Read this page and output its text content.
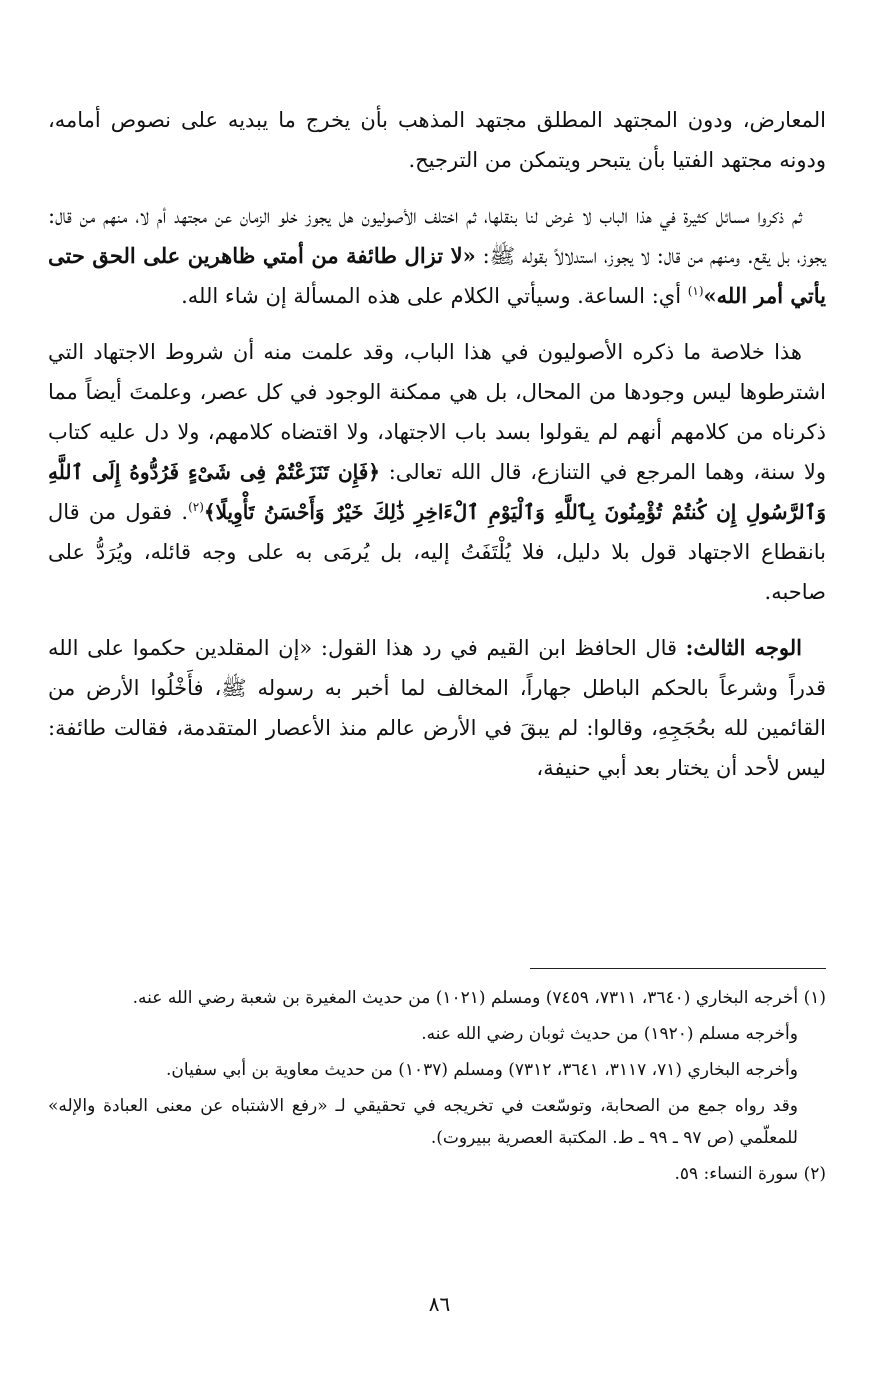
المعارض، ودون المجتهد المطلق مجتهد المذهب بأن يخرج ما يبديه على نصوص أمامه، ودونه مجتهد الفتيا بأن يتبحر ويتمكن من الترجيح.

ثم ذكروا مسائل كثيرة في هذا الباب لا غرض لنا بنقلها، ثم اختلف الأصوليون هل يجوز خلو الزمان عن مجتهد أم لا، منهم من قال: يجوز، بل يقع. ومنهم من قال: لا يجوز، استدلالاً بقوله ﷺ: «لا تزال طائفة من أمتي ظاهرين على الحق حتى يأتي أمر الله»$^{(١)}$ أي: الساعة. وسيأتي الكلام على هذه المسألة إن شاء الله.

هذا خلاصة ما ذكره الأصوليون في هذا الباب، وقد علمت منه أن شروط الاجتهاد التي اشترطوها ليس وجودها من المحال، بل هي ممكنة الوجود في كل عصر، وعلمتَ أيضاً مما ذكرناه من كلامهم أنهم لم يقولوا بسد باب الاجتهاد، ولا اقتضاه كلامهم، ولا دل عليه كتاب ولا سنة، وهما المرجع في التنازع، قال الله تعالى: ﴿فَإِن تَنَزَعْتُمْ فِى شَىْءٍ فَرُدُّوهُ إِلَى ٱللَّهِ وَٱلرَّسُولِ إِن كُنتُمْ تُؤْمِنُونَ بِٱللَّهِ وَٱلْيَوْمِ ٱلْءَاخِرِ ذَٰلِكَ خَيْرٌ وَأَحْسَنُ تَأْوِيلًا﴾$^{(٢)}$. فقول من قال بانقطاع الاجتهاد قول بلا دليل، فلا يُلْتَفَتُ إليه، بل يُرمَى به على وجه قائله، ويُرَدُّ على صاحبه.

الوجه الثالث: قال الحافظ ابن القيم في رد هذا القول: «إن المقلدين حكموا على الله قدراً وشرعاً بالحكم الباطل جهاراً، المخالف لما أخبر به رسوله ﷺ، فأَخْلُوا الأرض من القائمين لله بحُجَجِهِ، وقالوا: لم يبقَ في الأرض عالم منذ الأعصار المتقدمة، فقالت طائفة: ليس لأحد أن يختار بعد أبي حنيفة،

(١) أخرجه البخاري (٣٦٤٠، ٧٣١١، ٧٤٥٩) ومسلم (١٠٢١) من حديث المغيرة بن شعبة رضي الله عنه.

وأخرجه مسلم (١٩٢٠) من حديث ثوبان رضي الله عنه.

وأخرجه البخاري (٧١، ٣١١٧، ٣٦٤١، ٧٣١٢) ومسلم (١٠٣٧) من حديث معاوية بن أبي سفيان.

وقد رواه جمع من الصحابة، وتوسّعت في تخريجه في تحقيقي لـ «رفع الاشتباه عن معنى العبادة والإله» للمعلّمي (ص ٩٧ ـ ٩٩ ـ ط. المكتبة العصرية ببيروت).

(٢) سورة النساء: ٥٩.

٨٦
